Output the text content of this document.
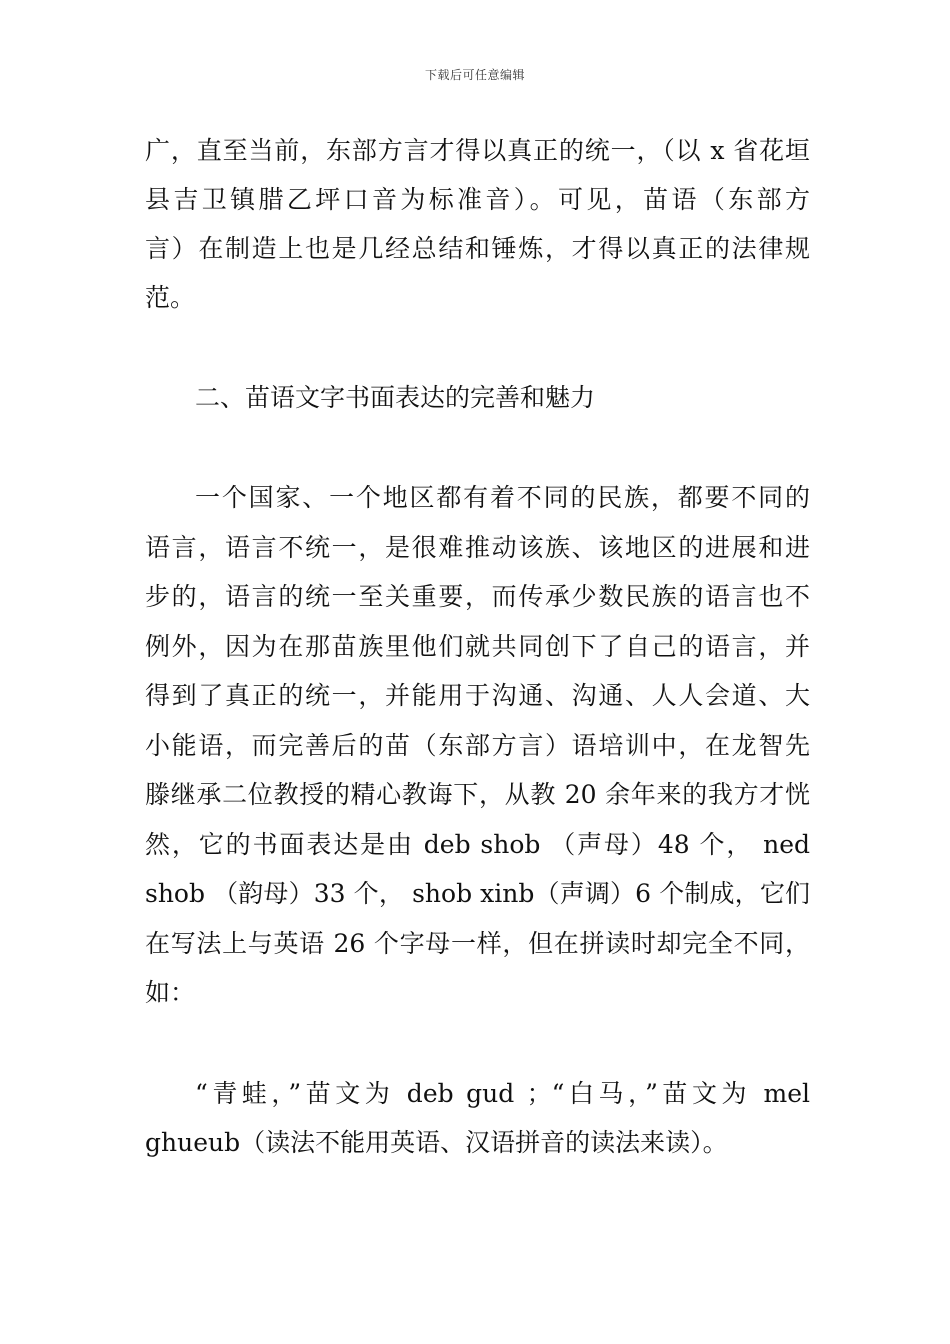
下载后可任意编辑
广，直至当前，东部方言才得以真正的统一，（以 x 省花垣
县吉卫镇腊乙坪口音为标准音）。可见，苗语（东部方
言）在制造上也是几经总结和锤炼，才得以真正的法律规
范。
二、苗语文字书面表达的完善和魅力
一个国家、一个地区都有着不同的民族，都要不同的
语言，语言不统一，是很难推动该族、该地区的进展和进
步的，语言的统一至关重要，而传承少数民族的语言也不
例外，因为在那苗族里他们就共同创下了自己的语言，并
得到了真正的统一，并能用于沟通、沟通、人人会道、大
小能语，而完善后的苗（东部方言）语培训中，在龙智先
滕继承二位教授的精心教诲下，从教 20 余年来的我方才恍
然，它的书面表达是由 deb shob （声母）48 个， ned
shob （韵母）33 个， shob xinb（声调）6 个制成，它们
在写法上与英语 26 个字母一样，但在拼读时却完全不同，
如：
“青蛙，”苗文为 deb gud ；“白马，”苗文为 mel
ghueub（读法不能用英语、汉语拼音的读法来读）。
